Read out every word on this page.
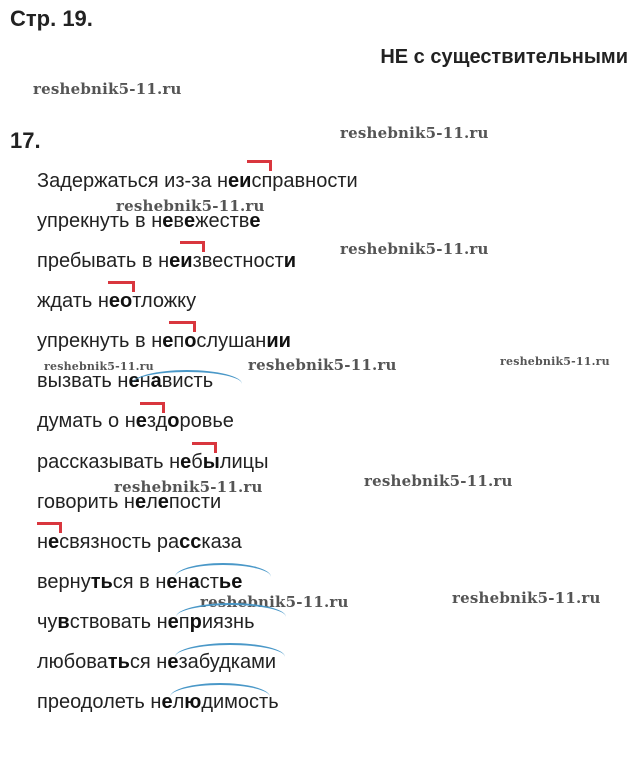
Стр. 19.
НЕ с существительными
17.
reshebnik5-11.ru
reshebnik5-11.ru
reshebnik5-11.ru
reshebnik5-11.ru
reshebnik5-11.ru	reshebnik5-11.ru	reshebnik5-11.ru
reshebnik5-11.ru	reshebnik5-11.ru
reshebnik5-11.ru	reshebnik5-11.ru
Задержаться из-за неисправности
упрекнуть в невежестве
пребывать в неизвестности
ждать неотложку
упрекнуть в непослушании
вызвать ненависть
думать о нездоровье
рассказывать небылицы
говорить нелепости
несвязность рассказа
вернуться в ненастье
чувствовать неприязнь
любоваться незабудками
преодолеть нелюдимость
